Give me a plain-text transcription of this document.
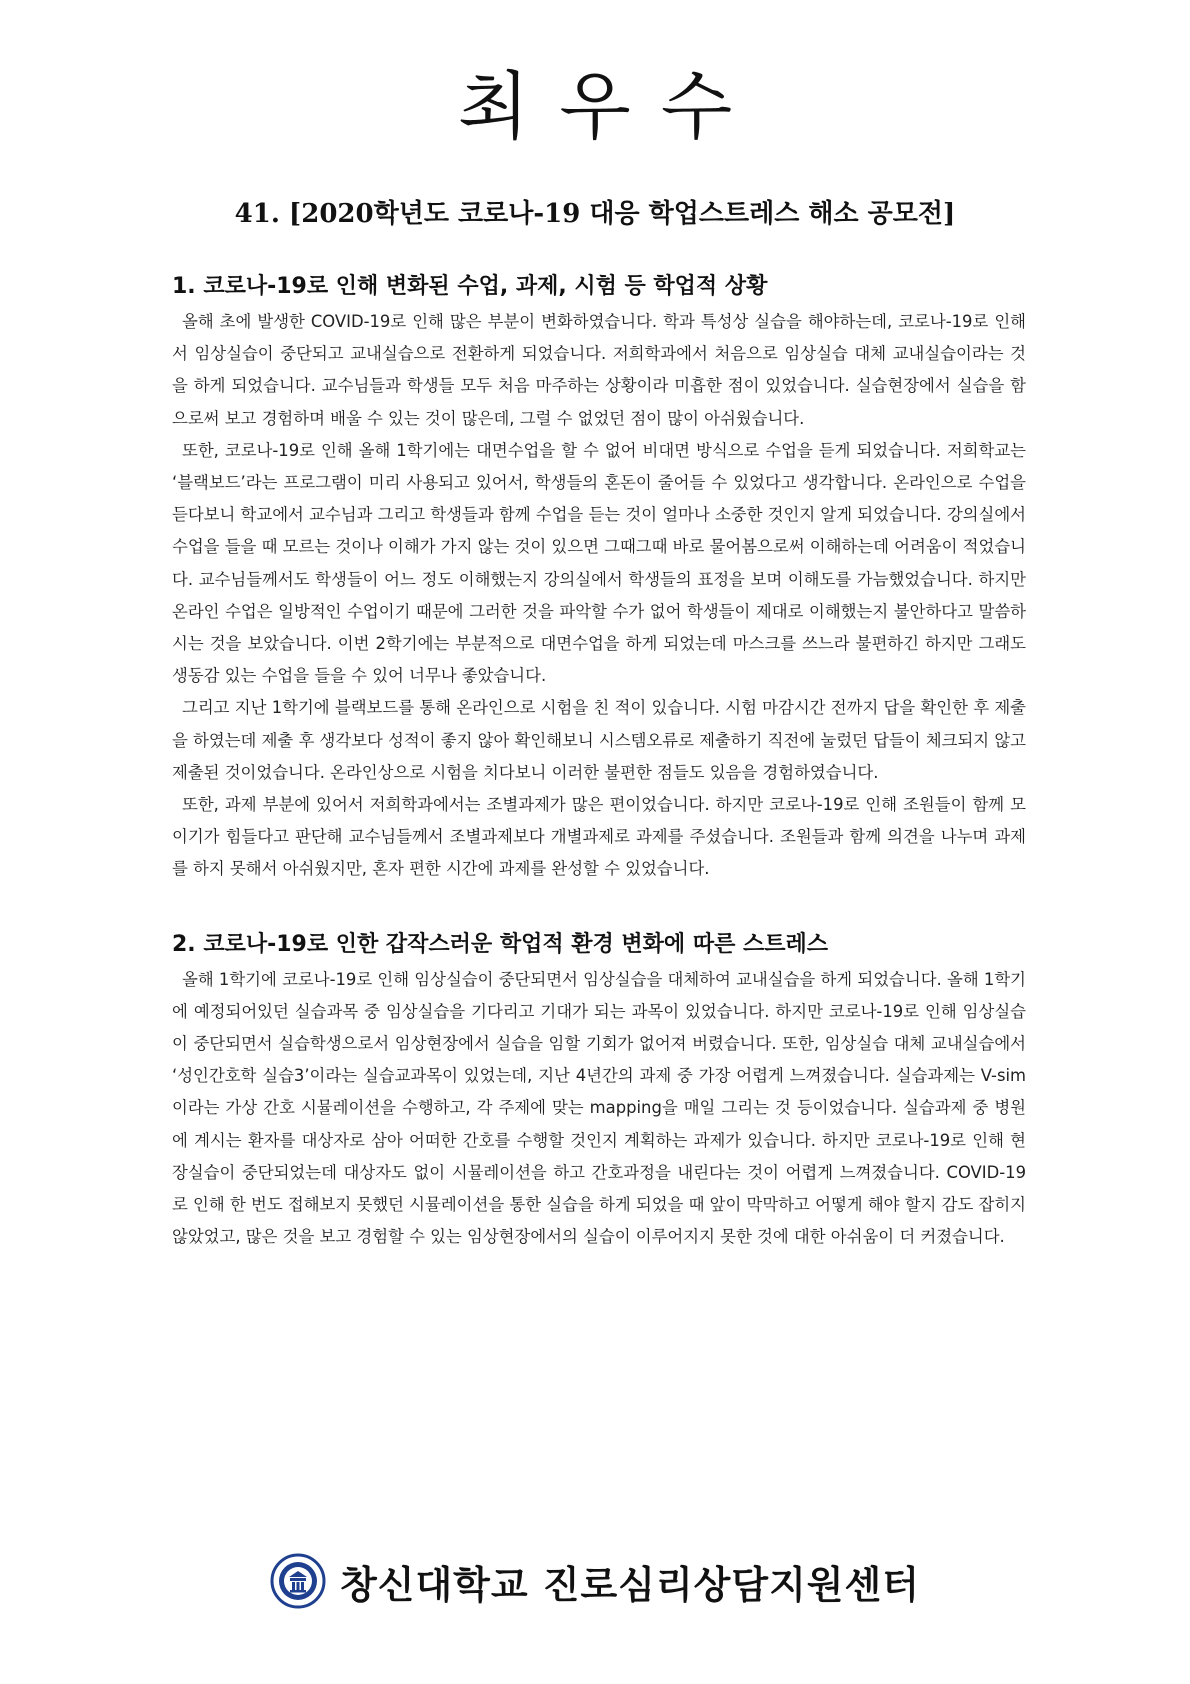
최우수
41. [2020학년도 코로나-19 대응 학업스트레스 해소 공모전]
1. 코로나-19로 인해 변화된 수업, 과제, 시험 등 학업적 상황

올해 초에 발생한 COVID-19로 인해 많은 부분이 변화하였습니다. 학과 특성상 실습을 해야하는데, 코로나-19로 인해서 임상실습이 중단되고 교내실습으로 전환하게 되었습니다. 저희학과에서 처음으로 임상실습 대체 교내실습이라는 것을 하게 되었습니다. 교수님들과 학생들 모두 처음 마주하는 상황이라 미흡한 점이 있었습니다. 실습현장에서 실습을 함으로써 보고 경험하며 배울 수 있는 것이 많은데, 그럴 수 없었던 점이 많이 아쉬웠습니다.

또한, 코로나-19로 인해 올해 1학기에는 대면수업을 할 수 없어 비대면 방식으로 수업을 듣게 되었습니다. 저희학교는 ‘블랙보드’라는 프로그램이 미리 사용되고 있어서, 학생들의 혼돈이 줄어들 수 있었다고 생각합니다. 온라인으로 수업을 듣다보니 학교에서 교수님과 그리고 학생들과 함께 수업을 듣는 것이 얼마나 소중한 것인지 알게 되었습니다. 강의실에서 수업을 들을 때 모르는 것이나 이해가 가지 않는 것이 있으면 그때그때 바로 물어봄으로써 이해하는데 어려움이 적었습니다. 교수님들께서도 학생들이 어느 정도 이해했는지 강의실에서 학생들의 표정을 보며 이해도를 가늠했었습니다. 하지만 온라인 수업은 일방적인 수업이기 때문에 그러한 것을 파악할 수가 없어 학생들이 제대로 이해했는지 불안하다고 말씀하시는 것을 보았습니다. 이번 2학기에는 부분적으로 대면수업을 하게 되었는데 마스크를 쓰느라 불편하긴 하지만 그래도 생동감 있는 수업을 들을 수 있어 너무나 좋았습니다.

그리고 지난 1학기에 블랙보드를 통해 온라인으로 시험을 친 적이 있습니다. 시험 마감시간 전까지 답을 확인한 후 제출을 하였는데 제출 후 생각보다 성적이 좋지 않아 확인해보니 시스템오류로 제출하기 직전에 눌렀던 답들이 체크되지 않고 제출된 것이었습니다. 온라인상으로 시험을 치다보니 이러한 불편한 점들도 있음을 경험하였습니다.

또한, 과제 부분에 있어서 저희학과에서는 조별과제가 많은 편이었습니다. 하지만 코로나-19로 인해 조원들이 함께 모이기가 힘들다고 판단해 교수님들께서 조별과제보다 개별과제로 과제를 주셨습니다. 조원들과 함께 의견을 나누며 과제를 하지 못해서 아쉬웠지만, 혼자 편한 시간에 과제를 완성할 수 있었습니다.

2. 코로나-19로 인한 갑작스러운 학업적 환경 변화에 따른 스트레스

올해 1학기에 코로나-19로 인해 임상실습이 중단되면서 임상실습을 대체하여 교내실습을 하게 되었습니다. 올해 1학기에 예정되어있던 실습과목 중 임상실습을 기다리고 기대가 되는 과목이 있었습니다. 하지만 코로나-19로 인해 임상실습이 중단되면서 실습학생으로서 임상현장에서 실습을 임할 기회가 없어져 버렸습니다. 또한, 임상실습 대체 교내실습에서 ‘성인간호학 실습3’이라는 실습교과목이 있었는데, 지난 4년간의 과제 중 가장 어렵게 느껴졌습니다. 실습과제는 V-sim이라는 가상 간호 시뮬레이션을 수행하고, 각 주제에 맞는 mapping을 매일 그리는 것 등이었습니다. 실습과제 중 병원에 계시는 환자를 대상자로 삼아 어떠한 간호를 수행할 것인지 계획하는 과제가 있습니다. 하지만 코로나-19로 인해 현장실습이 중단되었는데 대상자도 없이 시뮬레이션을 하고 간호과정을 내린다는 것이 어렵게 느껴졌습니다. COVID-19로 인해 한 번도 접해보지 못했던 시뮬레이션을 통한 실습을 하게 되었을 때 앞이 막막하고 어떻게 해야 할지 감도 잡히지 않았었고, 많은 것을 보고 경험할 수 있는 임상현장에서의 실습이 이루어지지 못한 것에 대한 아쉬움이 더 커졌습니다.

창신대학교 진로심리상담지원센터
